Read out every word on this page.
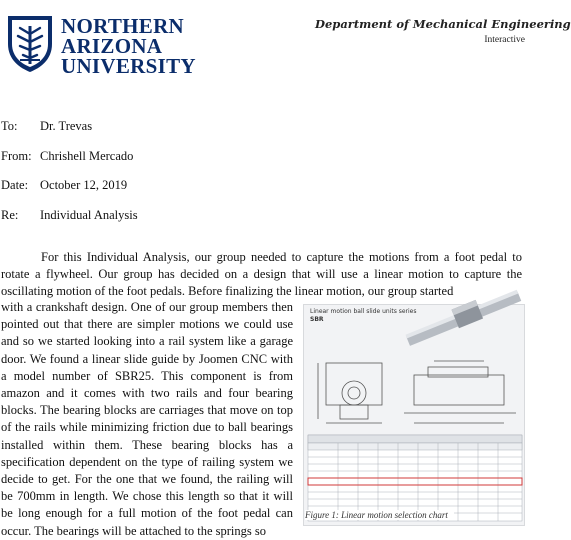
NORTHERN
ARIZONA
UNIVERSITY
Department of Mechanical Engineering
Interactive
To: Dr. Trevas
From: Chrishell Mercado
Date: October 12, 2019
Re: Individual Analysis
For this Individual Analysis, our group needed to capture the motions from a foot pedal to rotate a flywheel. Our group has decided on a design that will use a linear motion to capture the oscillating motion of the foot pedals. Before finalizing the linear motion, our group started
with a crankshaft design. One of our group members then pointed out that there are simpler motions we could use and so we started looking into a rail system like a garage door. We found a linear slide guide by Joomen CNC with a model number of SBR25. This component is from amazon and it comes with two rails and four bearing blocks. The bearing blocks are carriages that move on top of the rails while minimizing friction due to ball bearings installed within them. These bearing blocks has a specification dependent on the type of railing system we decide to get. For the one that we found, the railing will be 700mm in length. We chose this length so that it will be long enough for a full motion of the foot pedal can occur. The bearings will be attached to the springs so
Linear motion ball slide units series
SBR
Figure 1: Linear motion selection chart
